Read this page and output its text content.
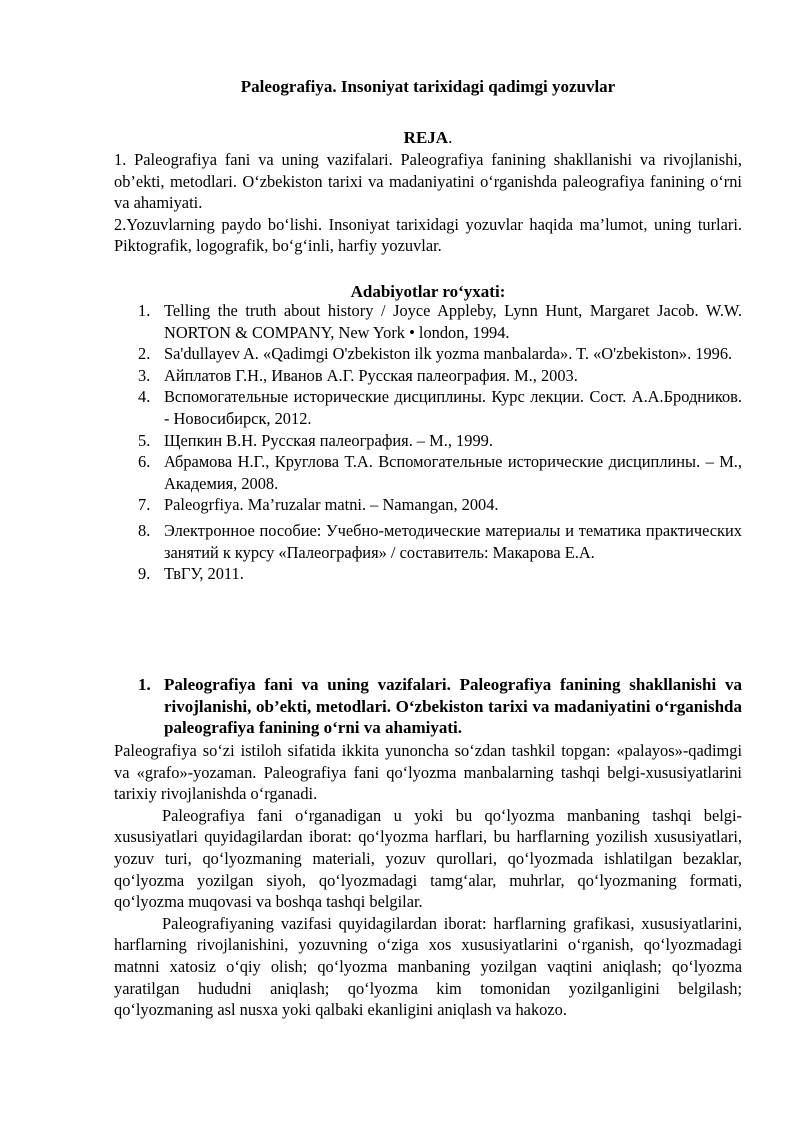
Paleografiya. Insoniyat tarixidagi qadimgi yozuvlar
REJA.

1. Paleografiya fani va uning vazifalari. Paleografiya fanining shakllanishi va rivojlanishi, ob’ekti, metodlari. O‘zbekiston tarixi va madaniyatini o‘rganishda paleografiya fanining o‘rni va ahamiyati.

2.Yozuvlarning paydo bo‘lishi. Insoniyat tarixidagi yozuvlar haqida ma’lumot, uning turlari. Piktografik, logografik, bo‘g‘inli, harfiy yozuvlar.

Adabiyotlar ro‘yxati:
1. Telling the truth about history / Joyce Appleby, Lynn Hunt, Margaret Jacob. W.W. NORTON & COMPANY, New York • london, 1994.
2. Sa'dullayev A. «Qadimgi O'zbekiston ilk yozma manbalarda». T. «O'zbekiston». 1996.
3. Айплатов Г.Н., Иванов А.Г. Русская палеография. М., 2003.
4. Вспомогательные исторические дисциплины. Курс лекции. Сост. А.А.Бродников. - Новосибирск, 2012.
5. Щепкин В.Н. Русская палеография. – М., 1999.
6. Абрамова Н.Г., Круглова Т.А. Вспомогательные исторические дисциплины. – М., Академия, 2008.
7. Paleogrfiya. Ma’ruzalar matni. – Namangan, 2004.
8. Электронное пособие: Учебно-методические материалы и тематика практических занятий к курсу «Палеография» / составитель: Макарова Е.А.
9. ТвГУ, 2011.
1. Paleografiya fani va uning vazifalari. Paleografiya fanining shakllanishi va rivojlanishi, ob’ekti, metodlari. O‘zbekiston tarixi va madaniyatini o‘rganishda paleografiya fanining o‘rni va ahamiyati.

Paleografiya so‘zi istiloh sifatida ikkita yunoncha so‘zdan tashkil topgan: «palayos»-qadimgi va «grafo»-yozaman. Paleografiya fani qo‘lyozma manbalarning tashqi belgi-xususiyatlarini tarixiy rivojlanishda o‘rganadi.

Paleografiya fani o‘rganadigan u yoki bu qo‘lyozma manbaning tashqi belgi-xususiyatlari quyidagilardan iborat: qo‘lyozma harflari, bu harflarning yozilish xususiyatlari, yozuv turi, qo‘lyozmaning materiali, yozuv qurollari, qo‘lyozmada ishlatilgan bezaklar, qo‘lyozma yozilgan siyoh, qo‘lyozmadagi tamg‘alar, muhrlar, qo‘lyozmaning formati, qo‘lyozma muqovasi va boshqa tashqi belgilar.

Paleografiyaning vazifasi quyidagilardan iborat: harflarning grafikasi, xususiyatlarini, harflarning rivojlanishini, yozuvning o‘ziga xos xususiyatlarini o‘rganish, qo‘lyozmadagi matnni xatosiz o‘qiy olish; qo‘lyozma manbaning yozilgan vaqtini aniqlash; qo‘lyozma yaratilgan hududni aniqlash; qo‘lyozma kim tomonidan yozilganligini belgilash; qo‘lyozmaning asl nusxa yoki qalbaki ekanligini aniqlash va hakozo.
